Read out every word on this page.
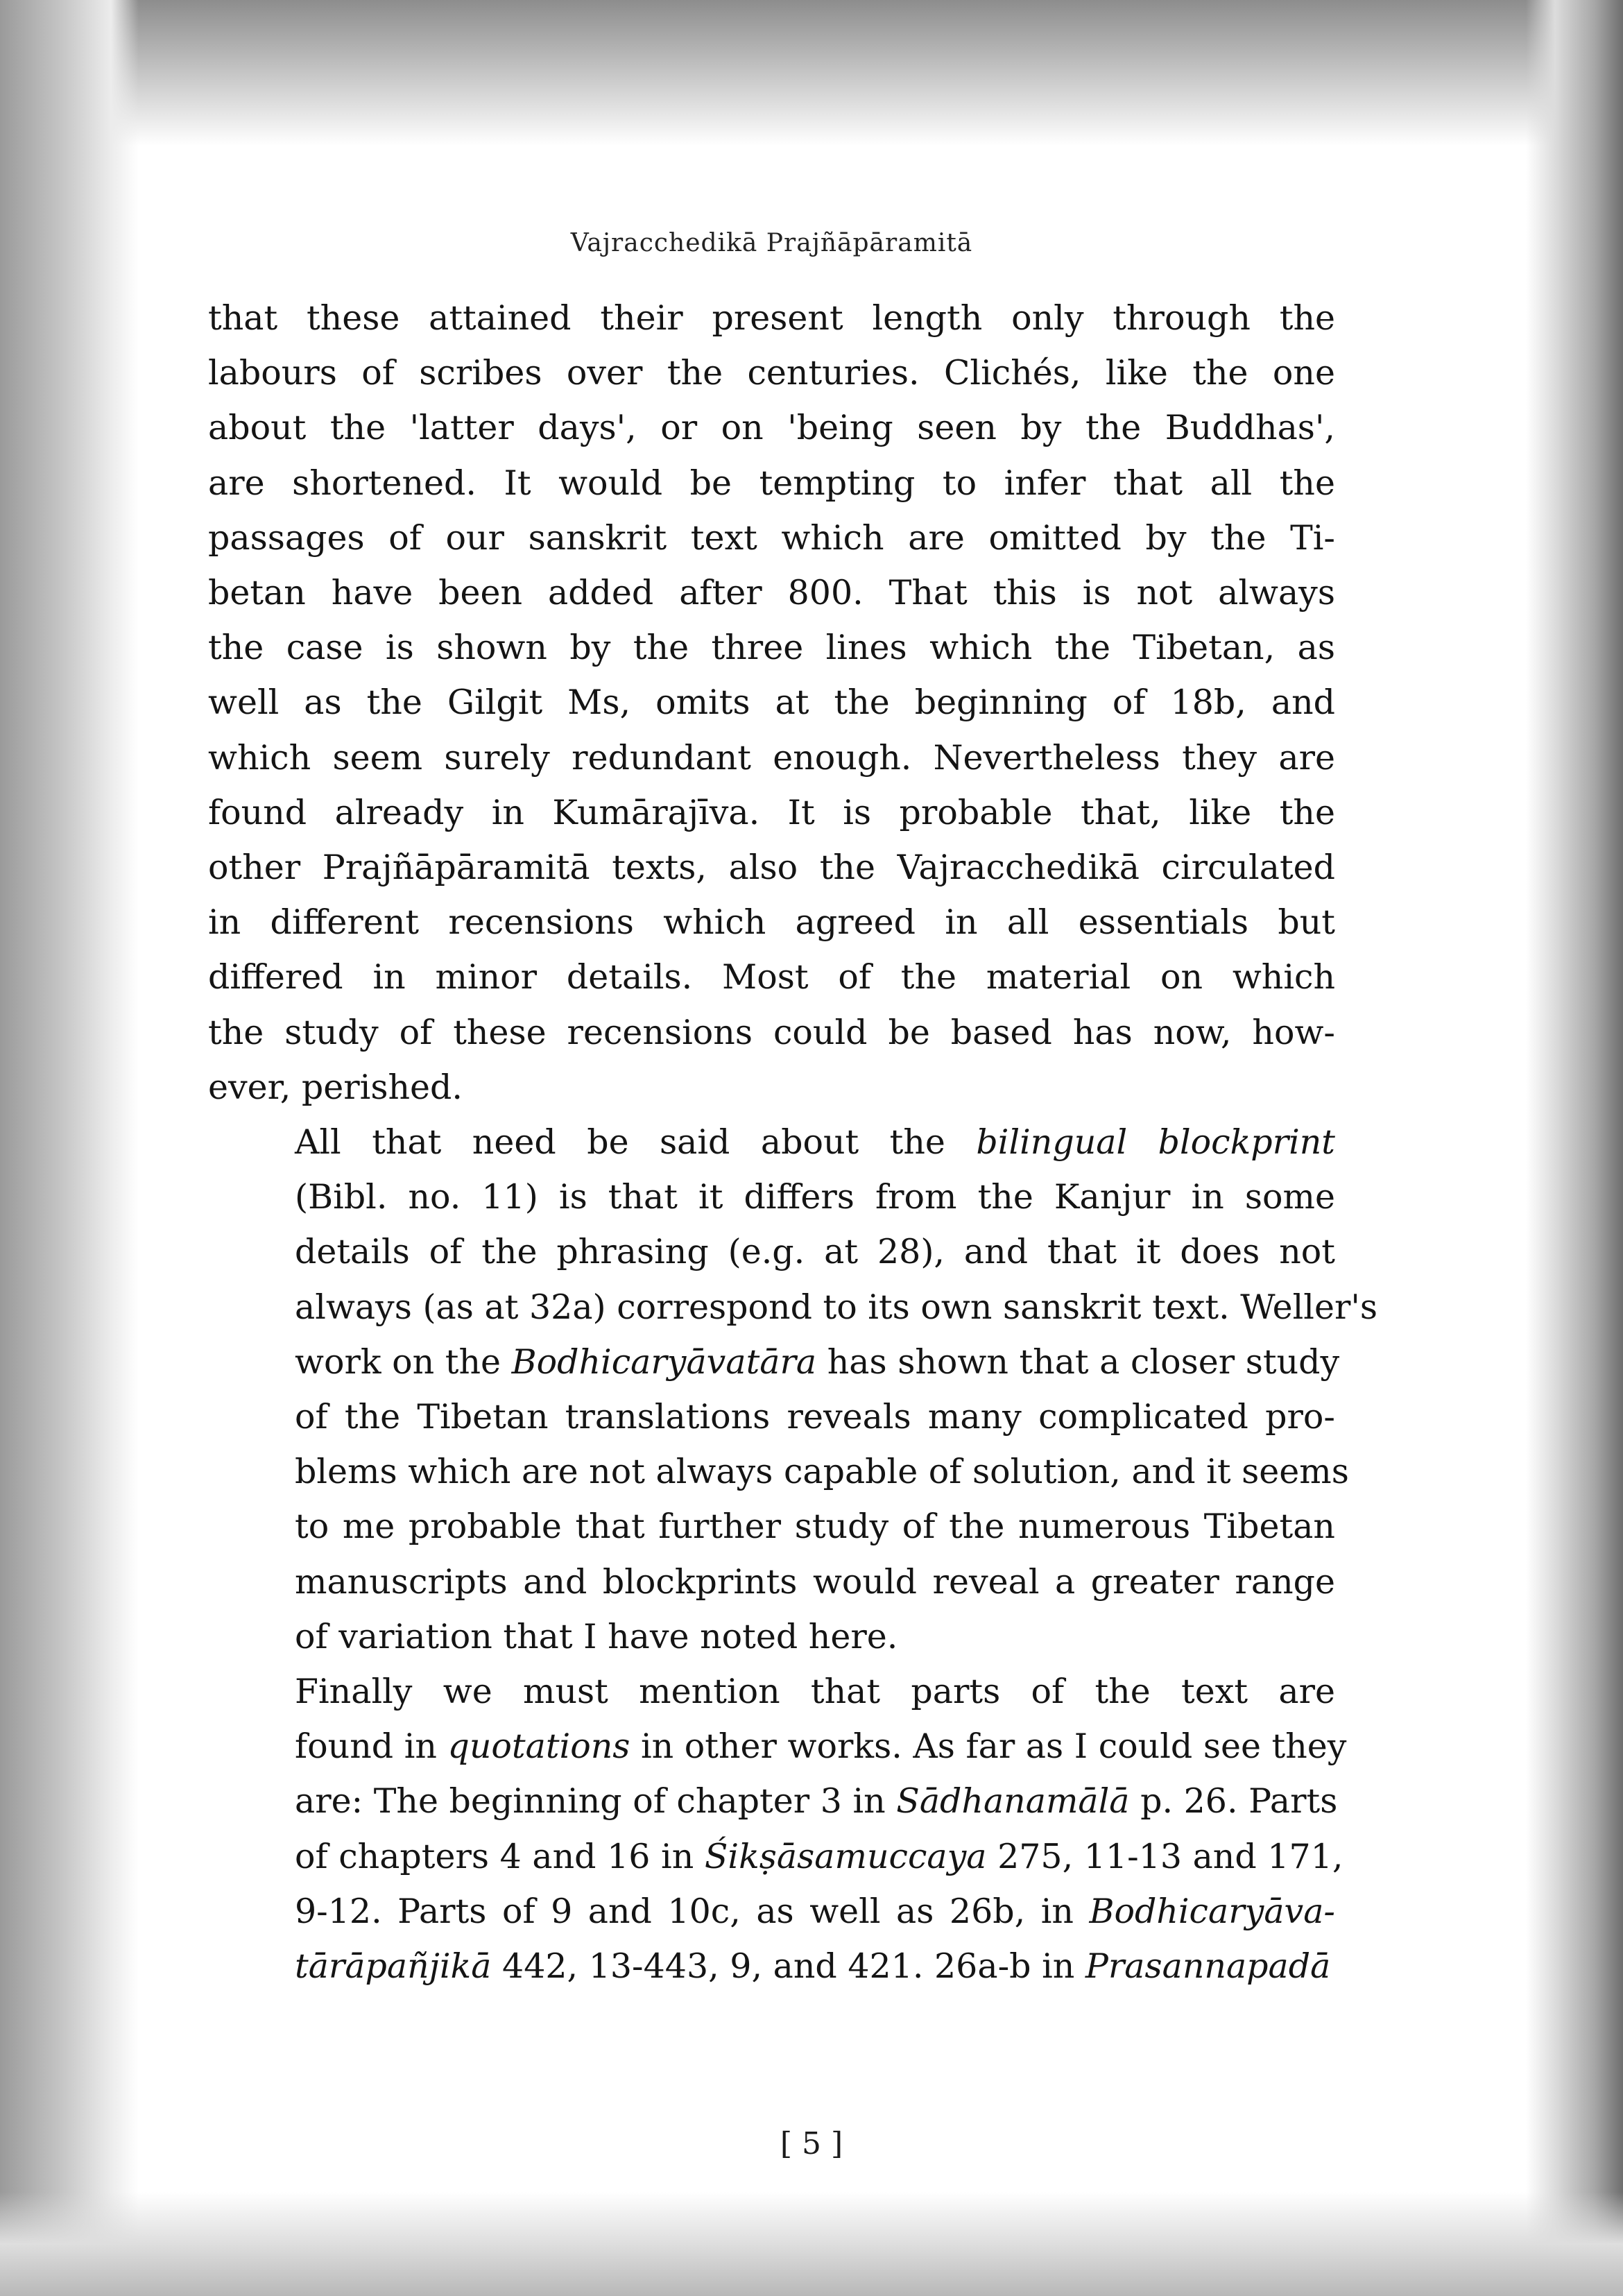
Vajracchedikā Prajñāpāramitā

that these attained their present length only through the
labours of scribes over the centuries. Clichés, like the one
about the 'latter days', or on 'being seen by the Buddhas',
are shortened. It would be tempting to infer that all the
passages of our sanskrit text which are omitted by the Ti-
betan have been added after 800. That this is not always
the case is shown by the three lines which the Tibetan, as
well as the Gilgit Ms, omits at the beginning of 18b, and
which seem surely redundant enough. Nevertheless they are
found already in Kumārajīva. It is probable that, like the
other Prajñāpāramitā texts, also the Vajracchedikā circulated
in different recensions which agreed in all essentials but
differed in minor details. Most of the material on which
the study of these recensions could be based has now, how-
ever, perished.

All that need be said about the bilingual blockprint
(Bibl. no. 11) is that it differs from the Kanjur in some
details of the phrasing (e.g. at 28), and that it does not
always (as at 32a) correspond to its own sanskrit text. Weller's
work on the Bodhicaryāvatāra has shown that a closer study
of the Tibetan translations reveals many complicated pro-
blems which are not always capable of solution, and it seems
to me probable that further study of the numerous Tibetan
manuscripts and blockprints would reveal a greater range
of variation that I have noted here.

Finally we must mention that parts of the text are
found in quotations in other works. As far as I could see they
are: The beginning of chapter 3 in Sādhanamālā p. 26. Parts
of chapters 4 and 16 in Śikṣāsamuccaya 275, 11-13 and 171,
9-12. Parts of 9 and 10c, as well as 26b, in Bodhicaryāva-
tārāpañjikā 442, 13-443, 9, and 421. 26a-b in Prasannapadā

[ 5 ]
